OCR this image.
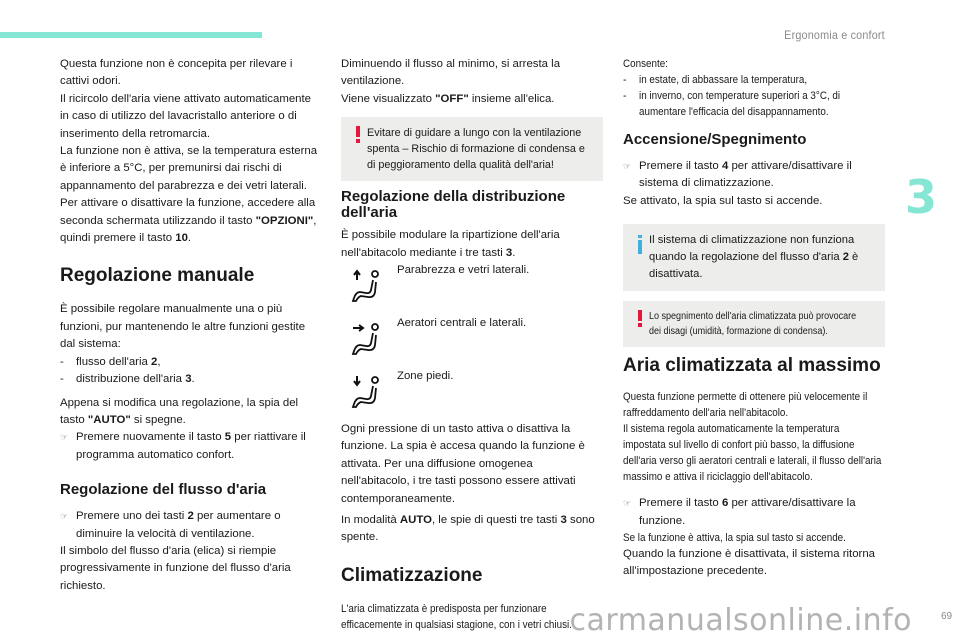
Ergonomia e confort
3
69
carmanualsonline.info

Questa funzione non è concepita per rilevare i cattivi odori.

Il ricircolo dell'aria viene attivato automaticamente in caso di utilizzo del lavacristallo anteriore o di inserimento della retromarcia.

La funzione non è attiva, se la temperatura esterna è inferiore a 5°C, per premunirsi dai rischi di appannamento del parabrezza e dei vetri laterali.

Per attivare o disattivare la funzione, accedere alla seconda schermata utilizzando il tasto "OPZIONI", quindi premere il tasto 10.

Regolazione manuale

È possibile regolare manualmente una o più funzioni, pur mantenendo le altre funzioni gestite dal sistema:

-	flusso dell'aria 2,
-	distribuzione dell'aria 3.

Appena si modifica una regolazione, la spia del tasto "AUTO" si spegne.

☞ Premere nuovamente il tasto 5 per riattivare il programma automatico confort.
Regolazione del flusso d'aria
☞ Premere uno dei tasti 2 per aumentare o diminuire la velocità di ventilazione.

Il simbolo del flusso d'aria (elica) si riempie progressivamente in funzione del flusso d'aria richiesto.

Diminuendo il flusso al minimo, si arresta la ventilazione.

Viene visualizzato "OFF" insieme all'elica.

Evitare di guidare a lungo con la ventilazione spenta – Rischio di formazione di condensa e di peggioramento della qualità dell'aria!
Regolazione della distribuzione dell'aria

È possibile modulare la ripartizione dell'aria nell'abitacolo mediante i tre tasti 3.

Parabrezza e vetri laterali.
Aeratori centrali e laterali.
Zone piedi.

Ogni pressione di un tasto attiva o disattiva la funzione. La spia è accesa quando la funzione è attivata. Per una diffusione omogenea nell'abitacolo, i tre tasti possono essere attivati contemporaneamente.

In modalità AUTO, le spie di questi tre tasti 3 sono spente.

Climatizzazione

L'aria climatizzata è predisposta per funzionare efficacemente in qualsiasi stagione, con i vetri chiusi.

Consente:

-	in estate, di abbassare la temperatura,

-	in inverno, con temperature superiori a 3°C, di aumentare l'efficacia del disappannamento.

Accensione/Spegnimento
☞ Premere il tasto 4 per attivare/disattivare il sistema di climatizzazione.

Se attivato, la spia sul tasto si accende.

Il sistema di climatizzazione non funziona quando la regolazione del flusso d'aria 2 è disattivata.
Lo spegnimento dell'aria climatizzata può provocare dei disagi (umidità, formazione di condensa).
Aria climatizzata al massimo

Questa funzione permette di ottenere più velocemente il raffreddamento dell'aria nell'abitacolo.

Il sistema regola automaticamente la temperatura impostata sul livello di confort più basso, la diffusione dell'aria verso gli aeratori centrali e laterali, il flusso dell'aria massimo e attiva il riciclaggio dell'abitacolo.

☞ Premere il tasto 6 per attivare/disattivare la funzione.

Se la funzione è attiva, la spia sul tasto si accende.

Quando la funzione è disattivata, il sistema ritorna all'impostazione precedente.
